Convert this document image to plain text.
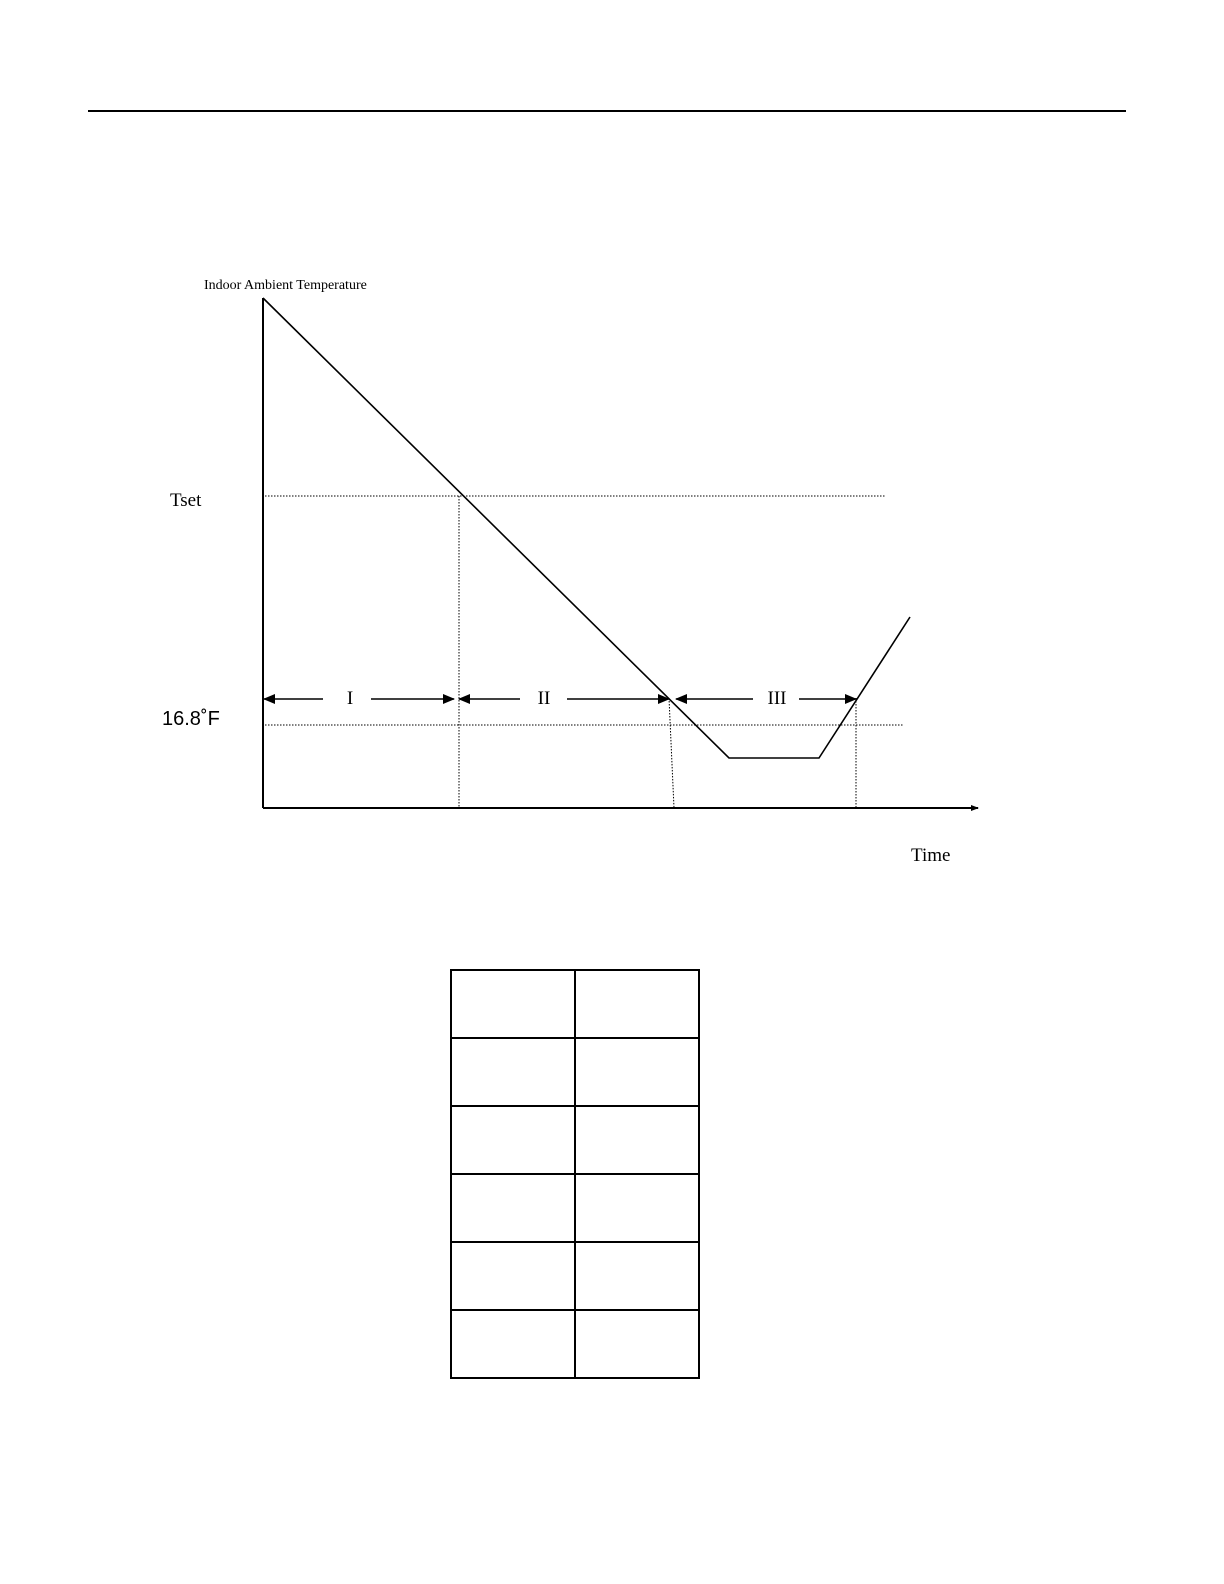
Indoor Ambient Temperature
Tset
16.8˚F
Time
I	II	III
